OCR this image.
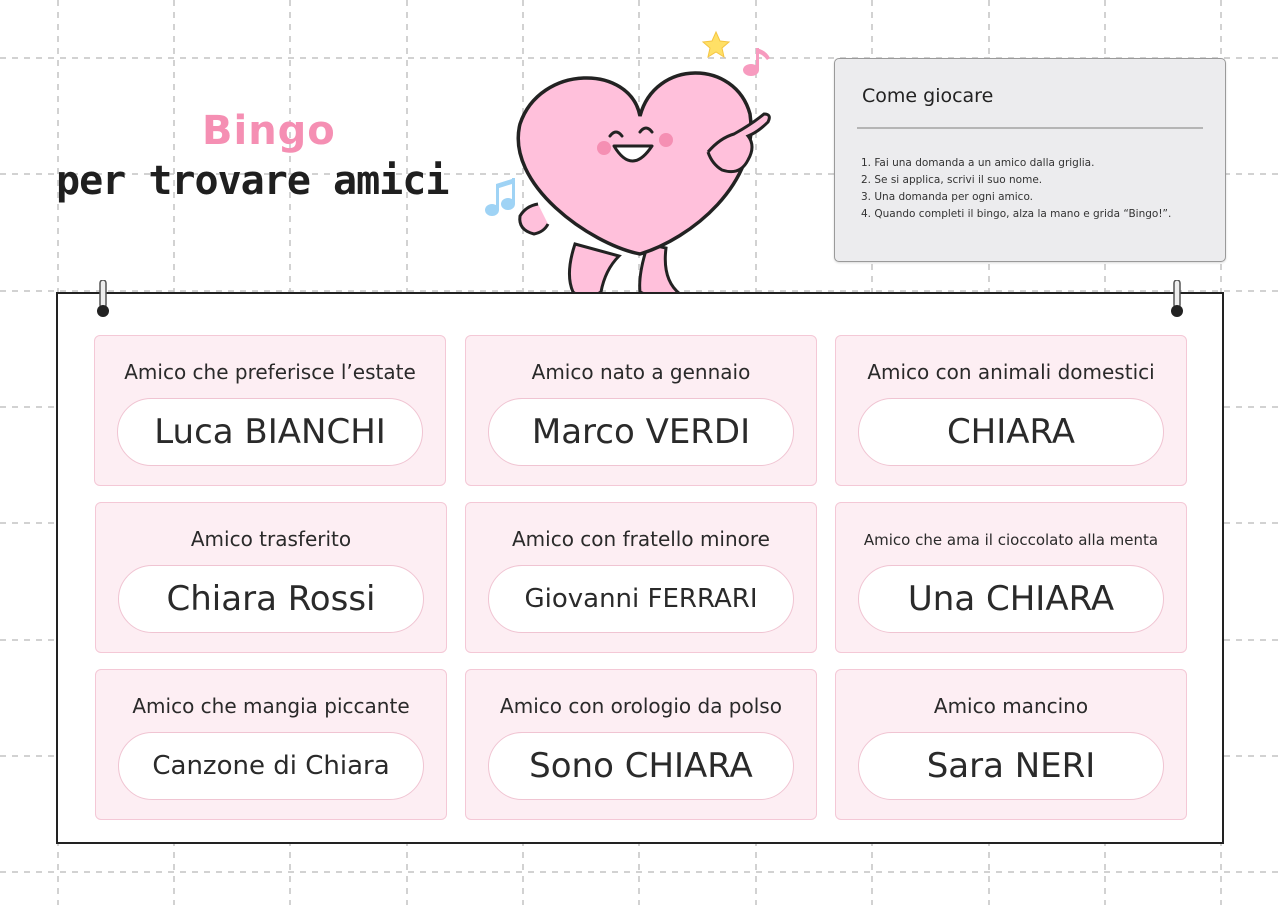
Bingo
per trovare amici
Come giocare
1. Fai una domanda a un amico dalla griglia.
2. Se si applica, scrivi il suo nome.
3. Una domanda per ogni amico.
4. Quando completi il bingo, alza la mano e grida “Bingo!”.
Amico che preferisce l’estate
Luca BIANCHI
Amico nato a gennaio
Marco VERDI
Amico con animali domestici
CHIARA
Amico trasferito
Chiara Rossi
Amico con fratello minore
Giovanni FERRARI
Amico che ama il cioccolato alla menta
Una CHIARA
Amico che mangia piccante
Canzone di Chiara
Amico con orologio da polso
Sono CHIARA
Amico mancino
Sara NERI
